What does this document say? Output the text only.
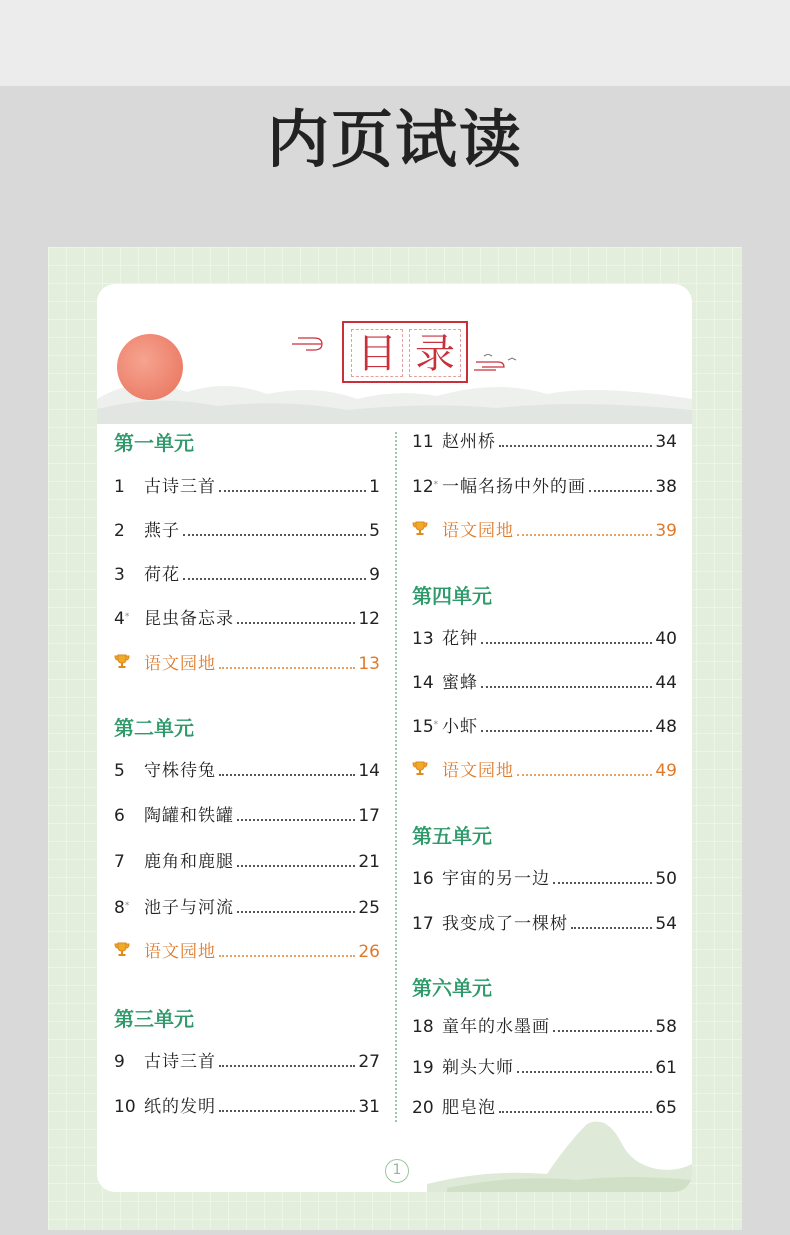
内页试读
目 录
第一单元
1	古诗三首	1
2	燕子	5
3	荷花	9
4 * 昆虫备忘录	12
语文园地	13
第二单元
5	守株待兔	14
6	陶罐和铁罐	17
7	鹿角和鹿腿	21
8 * 池子与河流	25
语文园地	26
第三单元
9	古诗三首	27
10 纸的发明	31
11 赵州桥	34
12 * 一幅名扬中外的画	38
语文园地	39
第四单元
13 花钟	40
14 蜜蜂	44
15 * 小虾	48
语文园地	49
第五单元
16 宇宙的另一边	50
17 我变成了一棵树	54
第六单元
18 童年的水墨画	58
19 剃头大师	61
20 肥皂泡	65
1
